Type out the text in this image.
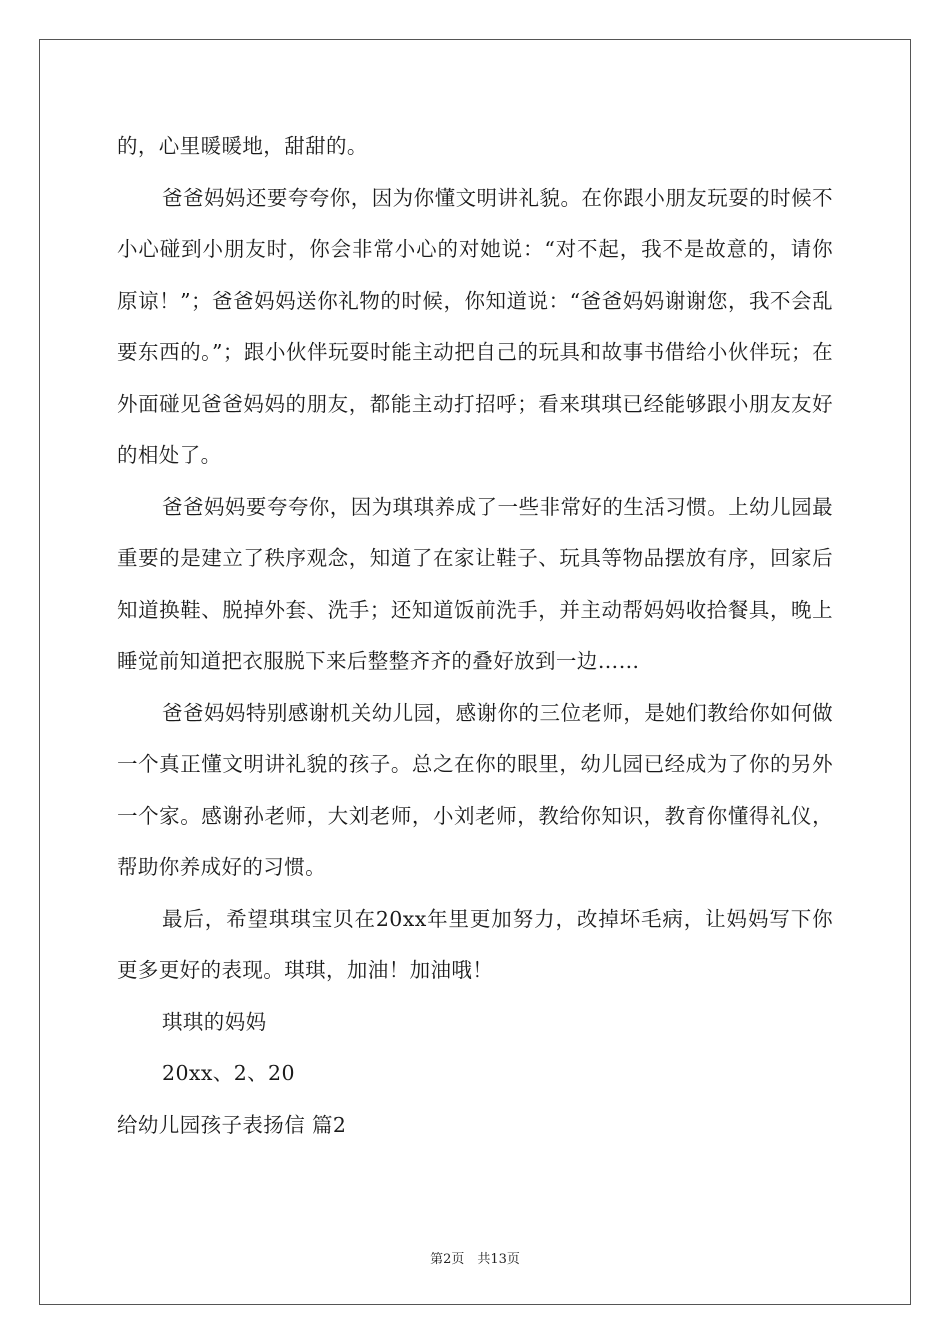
的，心里暖暖地，甜甜的。

爸爸妈妈还要夸夸你，因为你懂文明讲礼貌。在你跟小朋友玩耍的时候不小心碰到小朋友时，你会非常小心的对她说：“对不起，我不是故意的，请你原谅！”；爸爸妈妈送你礼物的时候，你知道说：“爸爸妈妈谢谢您，我不会乱要东西的。”；跟小伙伴玩耍时能主动把自己的玩具和故事书借给小伙伴玩；在外面碰见爸爸妈妈的朋友，都能主动打招呼；看来琪琪已经能够跟小朋友友好的相处了。

爸爸妈妈要夸夸你，因为琪琪养成了一些非常好的生活习惯。上幼儿园最重要的是建立了秩序观念，知道了在家让鞋子、玩具等物品摆放有序，回家后知道换鞋、脱掉外套、洗手；还知道饭前洗手，并主动帮妈妈收拾餐具，晚上睡觉前知道把衣服脱下来后整整齐齐的叠好放到一边……

爸爸妈妈特别感谢机关幼儿园，感谢你的三位老师，是她们教给你如何做一个真正懂文明讲礼貌的孩子。总之在你的眼里，幼儿园已经成为了你的另外一个家。感谢孙老师，大刘老师，小刘老师，教给你知识，教育你懂得礼仪，帮助你养成好的习惯。

最后，希望琪琪宝贝在20xx年里更加努力，改掉坏毛病，让妈妈写下你更多更好的表现。琪琪，加油！加油哦！

琪琪的妈妈

20xx、2、20

给幼儿园孩子表扬信 篇2

第2页　共13页
